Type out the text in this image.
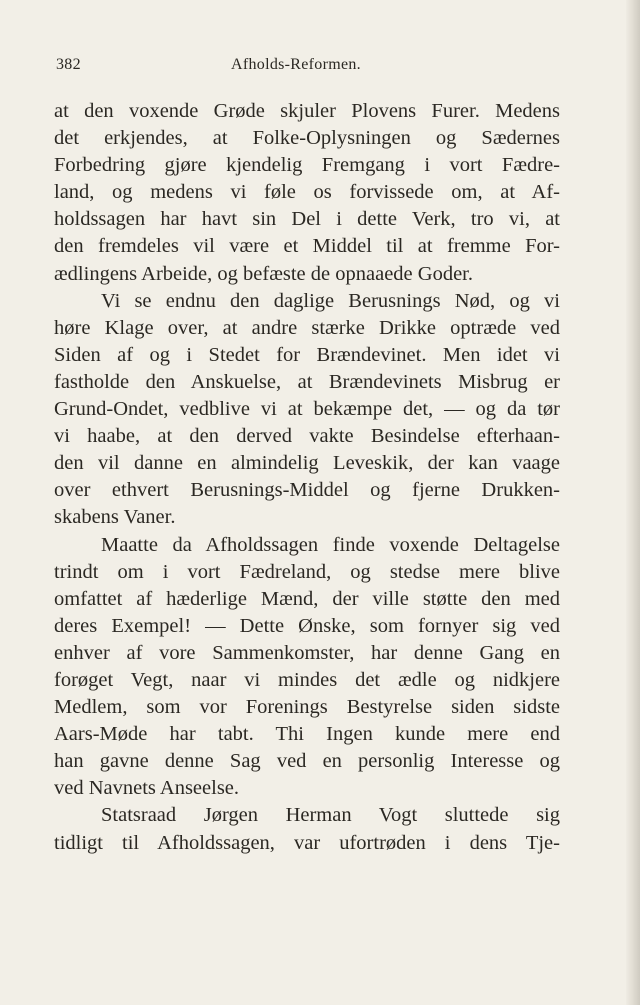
382	Afholds-Reformen.
at den voxende Grøde skjuler Plovens Furer. Medens
det erkjendes, at Folke-Oplysningen og Sædernes
Forbedring gjøre kjendelig Fremgang i vort Fædre-
land, og medens vi føle os forvissede om, at Af-
holdssagen har havt sin Del i dette Verk, tro vi, at
den fremdeles vil være et Middel til at fremme For-
ædlingens Arbeide, og befæste de opnaaede Goder.
Vi se endnu den daglige Berusnings Nød, og vi
høre Klage over, at andre stærke Drikke optræde ved
Siden af og i Stedet for Brændevinet. Men idet vi
fastholde den Anskuelse, at Brændevinets Misbrug er
Grund-Ondet, vedblive vi at bekæmpe det, — og da tør
vi haabe, at den derved vakte Besindelse efterhaan-
den vil danne en almindelig Leveskik, der kan vaage
over ethvert Berusnings-Middel og fjerne Drukken-
skabens Vaner.
Maatte da Afholdssagen finde voxende Deltagelse
trindt om i vort Fædreland, og stedse mere blive
omfattet af hæderlige Mænd, der ville støtte den med
deres Exempel! — Dette Ønske, som fornyer sig ved
enhver af vore Sammenkomster, har denne Gang en
forøget Vegt, naar vi mindes det ædle og nidkjere
Medlem, som vor Forenings Bestyrelse siden sidste
Aars-Møde har tabt. Thi Ingen kunde mere end
han gavne denne Sag ved en personlig Interesse og
ved Navnets Anseelse.
Statsraad Jørgen Herman Vogt sluttede sig
tidligt til Afholdssagen, var ufortrøden i dens Tje-
